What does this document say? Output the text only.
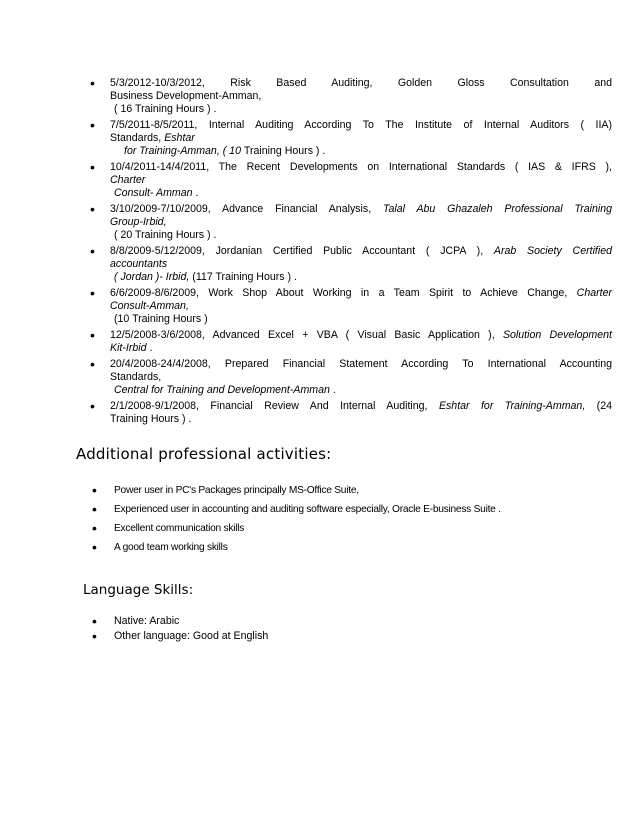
• 5/3/2012-10/3/2012, Risk Based Auditing, Golden Gloss Consultation and
Business Development-Amman,
( 16 Training Hours ) .
• 7/5/2011-8/5/2011, Internal Auditing According To The Institute of Internal Auditors ( IIA)
Standards, Eshtar
for Training-Amman, ( 10 Training Hours ) .
• 10/4/2011-14/4/2011, The Recent Developments on International Standards ( IAS & IFRS ),
Charter
Consult- Amman .
• 3/10/2009-7/10/2009, Advance Financial Analysis, Talal Abu Ghazaleh Professional Training
Group-Irbid,
( 20 Training Hours ) .
• 8/8/2009-5/12/2009, Jordanian Certified Public Accountant ( JCPA ), Arab Society Certified
accountants
( Jordan )- Irbid, (117 Training Hours ) .
• 6/6/2009-8/6/2009, Work Shop About Working in a Team Spirit to Achieve Change, Charter
Consult-Amman,
(10 Training Hours )
• 12/5/2008-3/6/2008, Advanced Excel + VBA ( Visual Basic Application ), Solution Development
Kit-Irbid .
• 20/4/2008-24/4/2008, Prepared Financial Statement According To International Accounting
Standards,
Central for Training and Development-Amman .
• 2/1/2008-9/1/2008, Financial Review And Internal Auditing, Eshtar for Training-Amman, (24
Training Hours ) .
Additional professional activities:
• Power user in PC's Packages principally MS-Office Suite,
• Experienced user in accounting and auditing software especially, Oracle E-business Suite .
• Excellent communication skills
• A good team working skills
Language Skills:
• Native: Arabic
• Other language: Good at English
